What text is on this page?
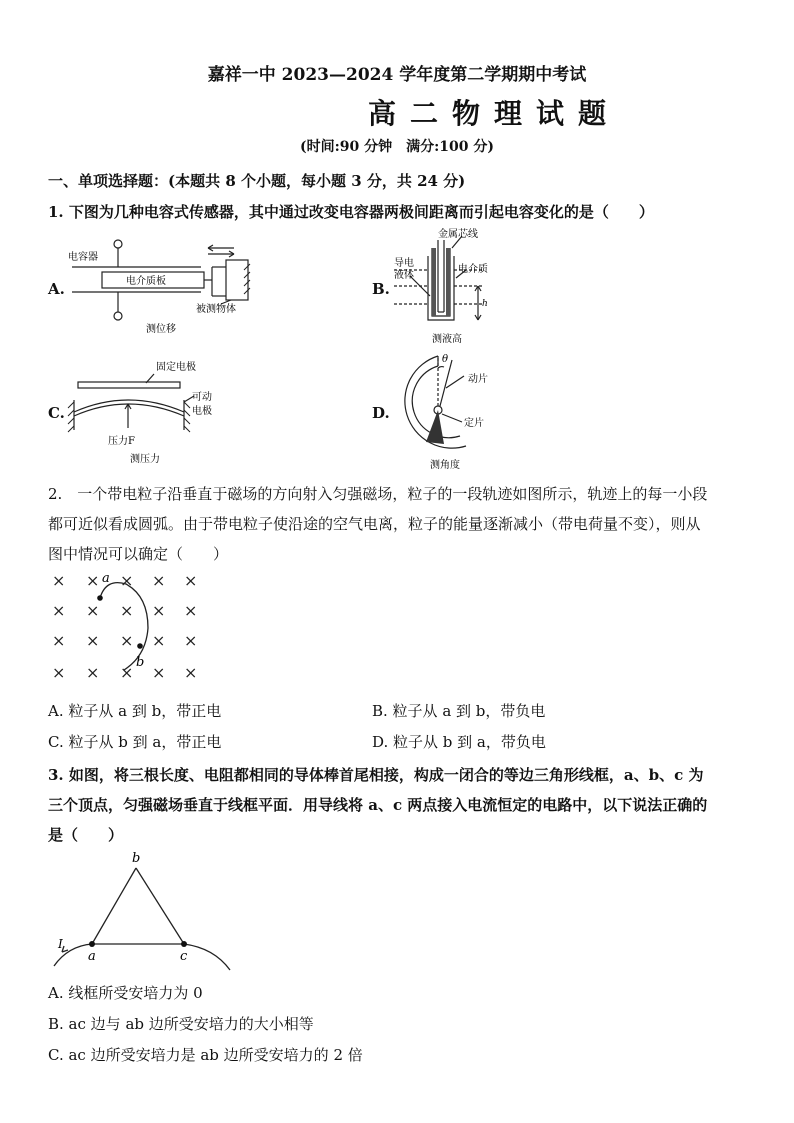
嘉祥一中 2023—2024 学年度第二学期期中考试
高二物理试题
(时间:90 分钟　满分:100 分)
一、单项选择题：(本题共 8 个小题，每小题 3 分，共 24 分)
1. 下图为几种电容式传感器，其中通过改变电容器两极间距离而引起电容变化的是（　　）
A.	B.
C.	D.
电容器
电介质板
被测物体
测位移
金属芯线
导电
液体
电介质
h
测液高
固定电极
可动
电极
压力F
测压力
θ
动片
定片
测角度
2.　一个带电粒子沿垂直于磁场的方向射入匀强磁场，粒子的一段轨迹如图所示，轨迹上的每一小段
都可近似看成圆弧。由于带电粒子使沿途的空气电离，粒子的能量逐渐减小（带电荷量不变），则从
图中情况可以确定（　　）
× × × × ×
× × × × ×
× × × × ×
× × × × ×
a
b
A. 粒子从 a 到 b，带正电	B. 粒子从 a 到 b，带负电
C. 粒子从 b 到 a，带正电	D. 粒子从 b 到 a，带负电
3. 如图，将三根长度、电阻都相同的导体棒首尾相接，构成一闭合的等边三角形线框，a、b、c 为
三个顶点，匀强磁场垂直于线框平面．用导线将 a、c 两点接入电流恒定的电路中，以下说法正确的
是（　　）
b
a	c
I
A. 线框所受安培力为 0
B. ac 边与 ab 边所受安培力的大小相等
C. ac 边所受安培力是 ab 边所受安培力的 2 倍
